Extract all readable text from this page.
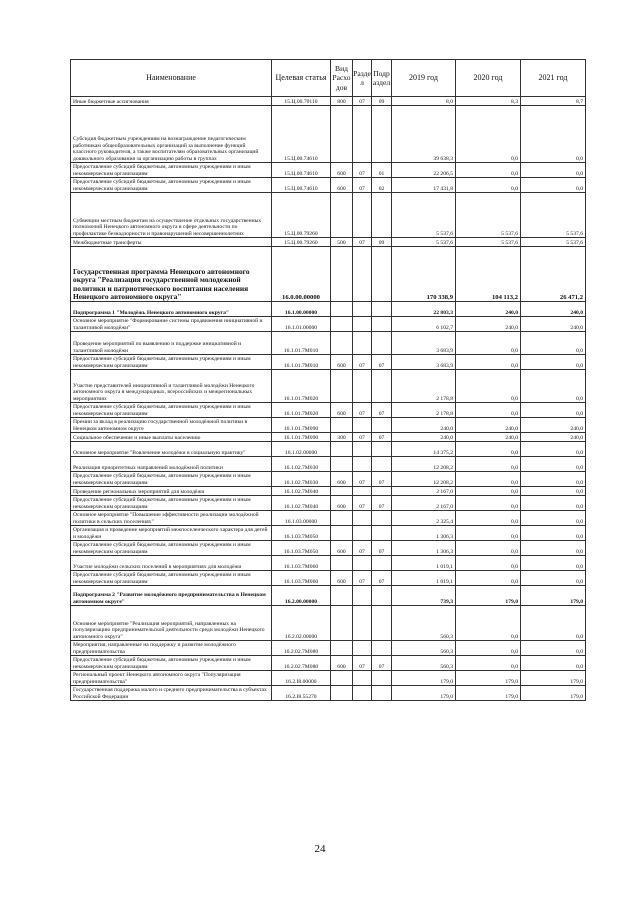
Наименование	Целевая статья	Вид Расхо дов	Разде л	Подр аздел	2019 год	2020 год	2021 год
Иные бюджетные ассигнования	15.Ц.00.70110	800	07	09	8,0	8,3	8,7
Субсидия бюджетным учреждениям на вознаграждение педагогическим работникам общеобразовательных организаций за выполнение функций классного руководителя, а также воспитателям образовательных организаций дошкольного образования за организацию работы в группах	15.Ц.00.74610				39 638,3	0,0	0,0
Предоставление субсидий бюджетным, автономным учреждениям и иным некоммерческим организациям	15.Ц.00.74610	600	07	01	22 206,5	0,0	0,0
Предоставление субсидий бюджетным, автономным учреждениям и иным некоммерческим организациям	15.Ц.00.74610	600	07	02	17 431,8	0,0	0,0
Субвенции местным бюджетам на осуществление отдельных государственных полномочий Ненецкого автономного округа в сфере деятельности по профилактике безнадзорности и правонарушений несовершеннолетних	15.Ц.00.79260				5 537,6	5 537,6	5 537,6
Межбюджетные трансферты	15.Ц.00.79260	500	07	09	5 537,6	5 537,6	5 537,6
Государственная программа Ненецкого автономного округа "Реализация государственной молодежной политики и патриотического воспитания населения Ненецкого автономного округа"	16.0.00.00000				170 338,9	104 113,2	26 471,2
Подпрограмма 1 "Молодёжь Ненецкого автономного округа"	16.1.00.00000				22 803,3	240,0	240,0
Основное мероприятие "Формирование системы продвижения инициативной и талантливой молодёжи"	16.1.01.00000				6 102,7	240,0	240,0
Проведение мероприятий по выявлению и поддержке инициативной и талантливой молодёжи	16.1.01.7М010				3 683,9	0,0	0,0
Предоставление субсидий бюджетным, автономным учреждениям и иным некоммерческим организациям	16.1.01.7М010	600	07	07	3 683,9	0,0	0,0
Участие представителей инициативной и талантливой молодёжи Ненецкого автономного округа в международных, всероссийских и межрегиональных мероприятиях	16.1.01.7М020				2 178,8	0,0	0,0
Предоставление субсидий бюджетным, автономным учреждениям и иным некоммерческим организациям	16.1.01.7М020	600	07	07	2 178,8	0,0	0,0
Премии за вклад в реализацию государственной молодёжной политики в Ненецком автономном округе	16.1.01.7М090				240,0	240,0	240,0
Социальное обеспечение и иные выплаты населению	16.1.01.7М090	300	07	07	240,0	240,0	240,0
Основное мероприятие "Вовлечение молодёжи в социальную практику"	16.1.02.00000				14 375,2	0,0	0,0
Реализация приоритетных направлений молодёжной политики	16.1.02.7М030				12 208,2	0,0	0,0
Предоставление субсидий бюджетным, автономным учреждениям и иным некоммерческим организациям	16.1.02.7М030	600	07	07	12 208,2	0,0	0,0
Проведение региональных мероприятий для молодёжи	16.1.02.7М040				2 167,0	0,0	0,0
Предоставление субсидий бюджетным, автономным учреждениям и иным некоммерческим организациям	16.1.02.7М040	600	07	07	2 167,0	0,0	0,0
Основное мероприятие "Повышение эффективности реализации молодёжной политики в сельских поселениях"	16.1.03.00000				2 325,4	0,0	0,0
Организация и проведение мероприятий межпоселенческого характера для детей и молодёжи	16.1.03.7М050				1 306,3	0,0	0,0
Предоставление субсидий бюджетным, автономным учреждениям и иным некоммерческим организациям	16.1.03.7М050	600	07	07	1 306,3	0,0	0,0
Участие молодёжи сельских поселений в мероприятиях для молодёжи	16.1.03.7М060				1 019,1	0,0	0,0
Предоставление субсидий бюджетным, автономным учреждениям и иным некоммерческим организациям	16.1.03.7М060	600	07	07	1 019,1	0,0	0,0
Подпрограмма 2 "Развитие молодёжного предпринимательства в Ненецком автономном округе"	16.2.00.00000				739,3	179,0	179,0
Основное мероприятие "Реализация мероприятий, направленных на популяризацию предпринимательской деятельности среди молодёжи Ненецкого автономного округа"	16.2.02.00000				560,3	0,0	0,0
Мероприятия, направленные на поддержку и развитие молодёжного предпринимательства	16.2.02.7М080				560,3	0,0	0,0
Предоставление субсидий бюджетным, автономным учреждениям и иным некоммерческим организациям	16.2.02.7М080	600	07	07	560,3	0,0	0,0
Региональный проект Ненецкого автономного округа "Популяризация предпринимательства"	16.2.I8.00000				179,0	179,0	179,0
Государственная поддержка малого и среднего предпринимательства в субъектах Российской Федерации	16.2.I8.55270				179,0	179,0	179,0
24
